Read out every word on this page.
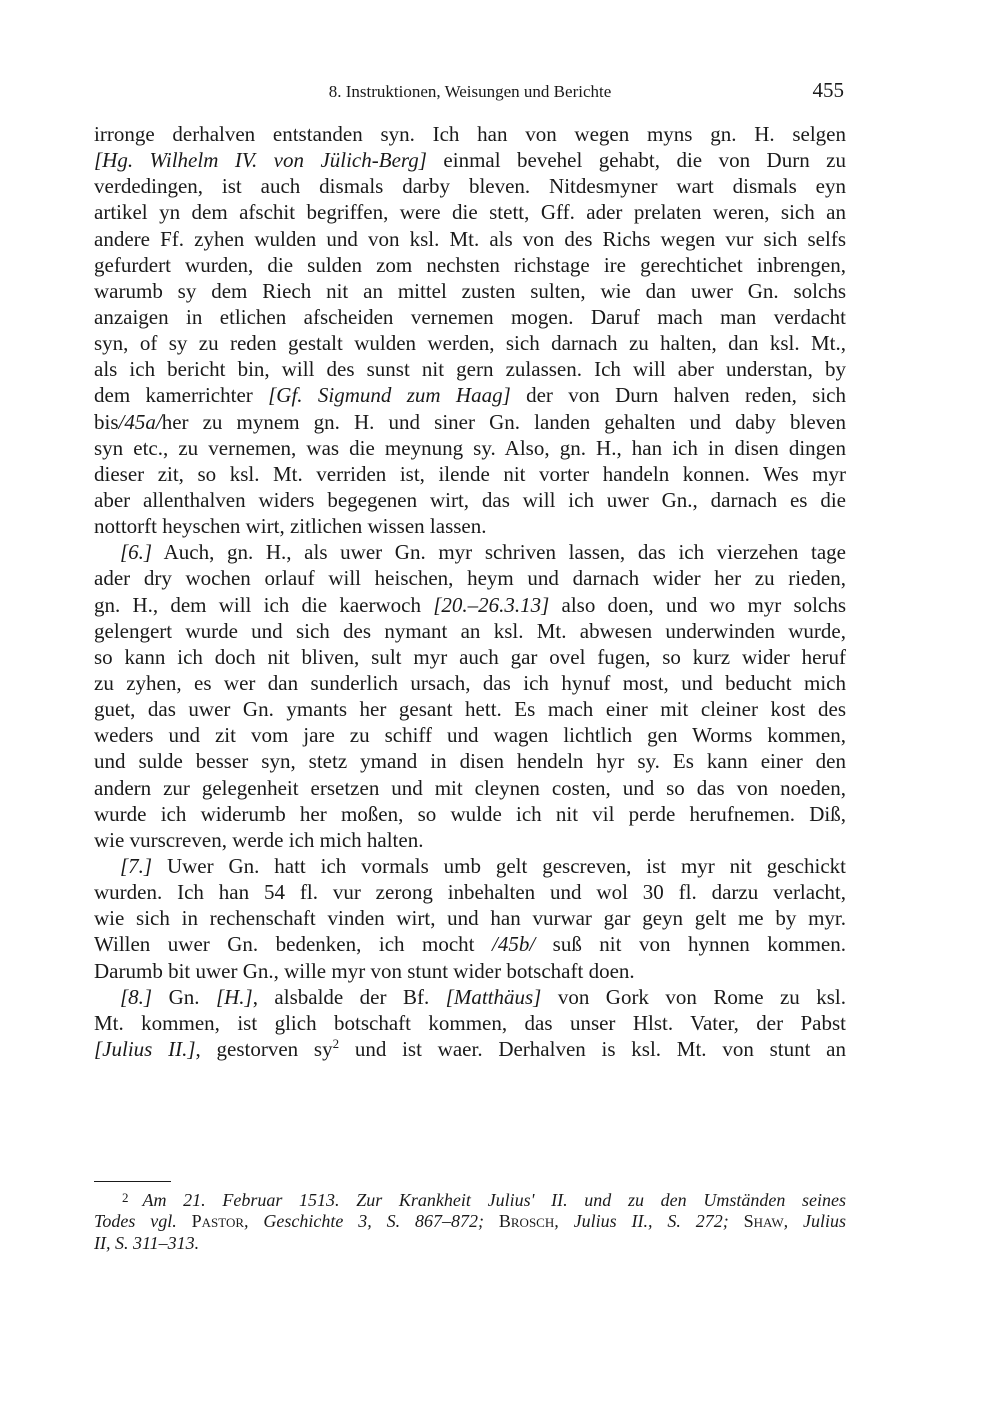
8. Instruktionen, Weisungen und Berichte	455
irronge derhalven entstanden syn. Ich han von wegen myns gn. H. selgen
[Hg. Wilhelm IV. von Jülich-Berg] einmal bevehel gehabt, die von Durn zu
verdedingen, ist auch dismals darby bleven. Nitdesmyner wart dismals eyn
artikel yn dem afschit begriffen, were die stett, Gff. ader prelaten weren, sich an
andere Ff. zyhen wulden und von ksl. Mt. als von des Richs wegen vur sich selfs
gefurdert wurden, die sulden zom nechsten richstage ire gerechtichet inbrengen,
warumb sy dem Riech nit an mittel zusten sulten, wie dan uwer Gn. solchs
anzaigen in etlichen afscheiden vernemen mogen. Daruf mach man verdacht
syn, of sy zu reden gestalt wulden werden, sich darnach zu halten, dan ksl. Mt.,
als ich bericht bin, will des sunst nit gern zulassen. Ich will aber understan, by
dem kamerrichter [Gf. Sigmund zum Haag] der von Durn halven reden, sich
bis/45a/her zu mynem gn. H. und siner Gn. landen gehalten und daby bleven
syn etc., zu vernemen, was die meynung sy. Also, gn. H., han ich in disen dingen
dieser zit, so ksl. Mt. verriden ist, ilende nit vorter handeln konnen. Wes myr
aber allenthalven widers begegenen wirt, das will ich uwer Gn., darnach es die
nottorft heyschen wirt, zitlichen wissen lassen.
[6.] Auch, gn. H., als uwer Gn. myr schriven lassen, das ich vierzehen tage
ader dry wochen orlauf will heischen, heym und darnach wider her zu rieden,
gn. H., dem will ich die kaerwoch [20.–26.3.13] also doen, und wo myr solchs
gelengert wurde und sich des nymant an ksl. Mt. abwesen underwinden wurde,
so kann ich doch nit bliven, sult myr auch gar ovel fugen, so kurz wider heruf
zu zyhen, es wer dan sunderlich ursach, das ich hynuf most, und beducht mich
guet, das uwer Gn. ymants her gesant hett. Es mach einer mit cleiner kost des
weders und zit vom jare zu schiff und wagen lichtlich gen Worms kommen,
und sulde besser syn, stetz ymand in disen hendeln hyr sy. Es kann einer den
andern zur gelegenheit ersetzen und mit cleynen costen, und so das von noeden,
wurde ich widerumb her moßen, so wulde ich nit vil perde herufnemen. Diß,
wie vurscreven, werde ich mich halten.
[7.] Uwer Gn. hatt ich vormals umb gelt gescreven, ist myr nit geschickt
wurden. Ich han 54 fl. vur zerong inbehalten und wol 30 fl. darzu verlacht,
wie sich in rechenschaft vinden wirt, und han vurwar gar geyn gelt me by myr.
Willen uwer Gn. bedenken, ich mocht /45b/ suß nit von hynnen kommen.
Darumb bit uwer Gn., wille myr von stunt wider botschaft doen.
[8.] Gn. [H.], alsbalde der Bf. [Matthäus] von Gork von Rome zu ksl.
Mt. kommen, ist glich botschaft kommen, das unser Hlst. Vater, der Pabst
[Julius II.], gestorven $sy^2$ und ist waer. Derhalven is ksl. Mt. von stunt an
$^2$ Am 21. Februar 1513. Zur Krankheit Julius' II. und zu den Umständen seines
Todes vgl. Pastor, Geschichte 3, S. 867–872; Brosch, Julius II., S. 272; Shaw, Julius
II, S. 311–313.
